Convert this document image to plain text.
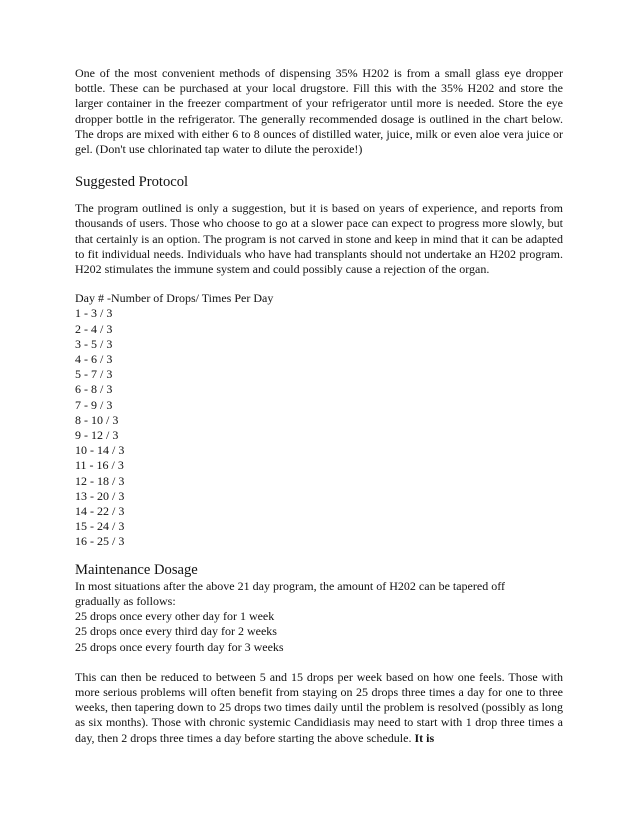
One of the most convenient methods of dispensing 35% H202 is from a small glass eye dropper bottle. These can be purchased at your local drugstore. Fill this with the 35% H202 and store the larger container in the freezer compartment of your refrigerator until more is needed. Store the eye dropper bottle in the refrigerator. The generally recommended dosage is outlined in the chart below. The drops are mixed with either 6 to 8 ounces of distilled water, juice, milk or even aloe vera juice or gel. (Don't use chlorinated tap water to dilute the peroxide!)

Suggested Protocol

The program outlined is only a suggestion, but it is based on years of experience, and reports from thousands of users. Those who choose to go at a slower pace can expect to progress more slowly, but that certainly is an option. The program is not carved in stone and keep in mind that it can be adapted to fit individual needs. Individuals who have had transplants should not undertake an H202 program. H202 stimulates the immune system and could possibly cause a rejection of the organ.

Day # -Number of Drops/ Times Per Day
1 - 3 / 3
2 - 4 / 3
3 - 5 / 3
4 - 6 / 3
5 - 7 / 3
6 - 8 / 3
7 - 9 / 3
8 - 10 / 3
9 - 12 / 3
10 - 14 / 3
11 - 16 / 3
12 - 18 / 3
13 - 20 / 3
14 - 22 / 3
15 - 24 / 3
16 - 25 / 3
Maintenance Dosage
In most situations after the above 21 day program, the amount of H202 can be tapered off
gradually as follows:
25 drops once every other day for 1 week
25 drops once every third day for 2 weeks
25 drops once every fourth day for 3 weeks

This can then be reduced to between 5 and 15 drops per week based on how one feels. Those with more serious problems will often benefit from staying on 25 drops three times a day for one to three weeks, then tapering down to 25 drops two times daily until the problem is resolved (possibly as long as six months). Those with chronic systemic Candidiasis may need to start with 1 drop three times a day, then 2 drops three times a day before starting the above schedule. It is
